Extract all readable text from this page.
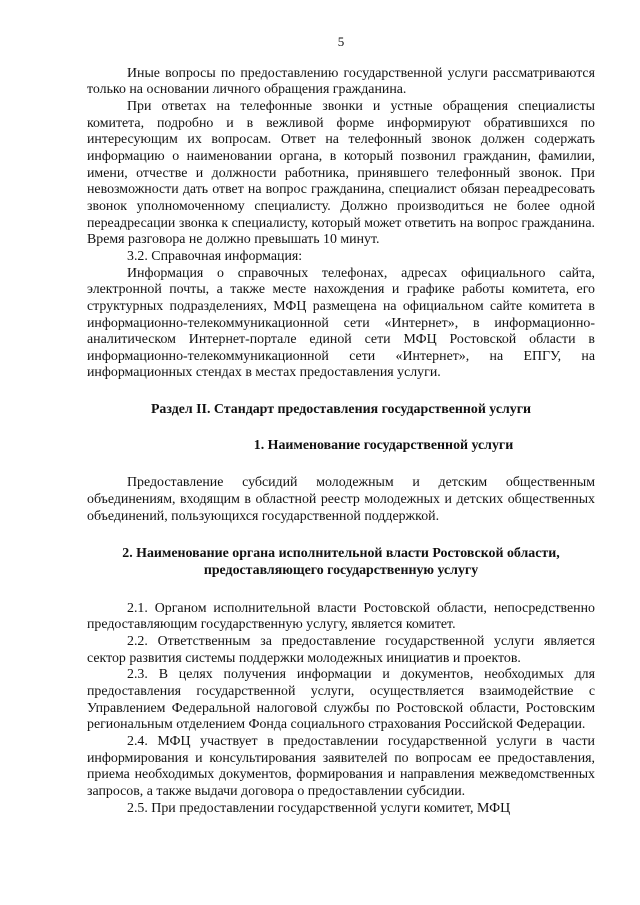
5

Иные вопросы по предоставлению государственной услуги рассматриваются только на основании личного обращения гражданина.

При ответах на телефонные звонки и устные обращения специалисты комитета, подробно и в вежливой форме информируют обратившихся по интересующим их вопросам. Ответ на телефонный звонок должен содержать информацию о наименовании органа, в который позвонил гражданин, фамилии, имени, отчестве и должности работника, принявшего телефонный звонок. При невозможности дать ответ на вопрос гражданина, специалист обязан переадресовать звонок уполномоченному специалисту. Должно производиться не более одной переадресации звонка к специалисту, который может ответить на вопрос гражданина. Время разговора не должно превышать 10 минут.

3.2. Справочная информация:

Информация о справочных телефонах, адресах официального сайта, электронной почты, а также месте нахождения и графике работы комитета, его структурных подразделениях, МФЦ размещена на официальном сайте комитета в информационно-телекоммуникационной сети «Интернет», в информационно-аналитическом Интернет-портале единой сети МФЦ Ростовской области в информационно-телекоммуникационной сети «Интернет», на ЕПГУ, на информационных стендах в местах предоставления услуги.

Раздел II. Стандарт предоставления государственной услуги

1. Наименование государственной услуги

Предоставление субсидий молодежным и детским общественным объединениям, входящим в областной реестр молодежных и детских общественных объединений, пользующихся государственной поддержкой.

2. Наименование органа исполнительной власти Ростовской области,

предоставляющего государственную услугу

2.1. Органом исполнительной власти Ростовской области, непосредственно предоставляющим государственную услугу, является комитет.

2.2. Ответственным за предоставление государственной услуги является сектор развития системы поддержки молодежных инициатив и проектов.

2.3. В целях получения информации и документов, необходимых для предоставления государственной услуги, осуществляется взаимодействие с Управлением Федеральной налоговой службы по Ростовской области, Ростовским региональным отделением Фонда социального страхования Российской Федерации.

2.4. МФЦ участвует в предоставлении государственной услуги в части информирования и консультирования заявителей по вопросам ее предоставления, приема необходимых документов, формирования и направления межведомственных запросов, а также выдачи договора о предоставлении субсидии.

2.5. При предоставлении государственной услуги комитет, МФЦ
